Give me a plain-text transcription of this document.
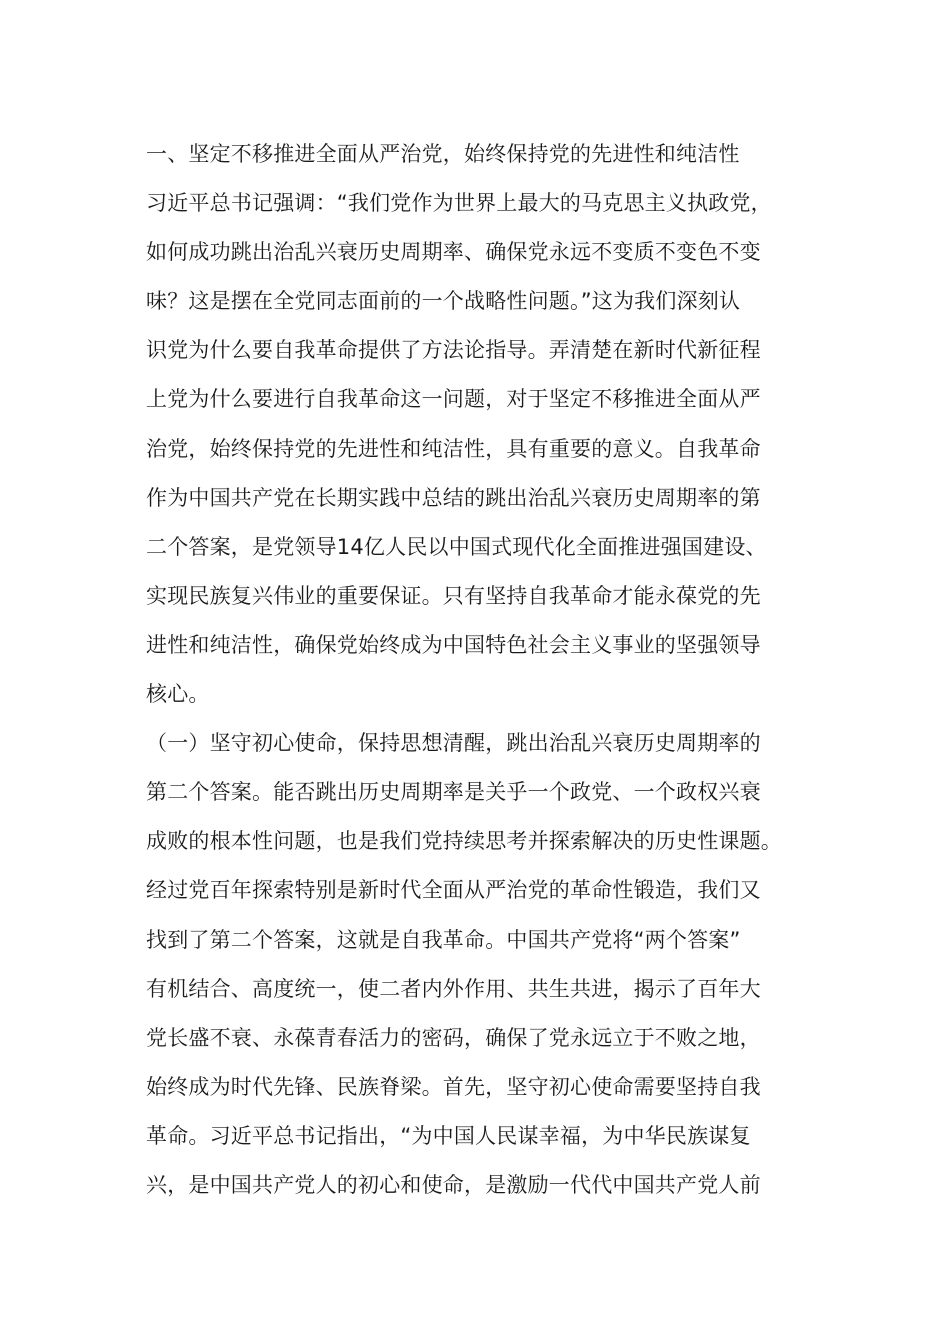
一、坚定不移推进全面从严治党，始终保持党的先进性和纯洁性
习近平总书记强调：“我们党作为世界上最大的马克思主义执政党，
如何成功跳出治乱兴衰历史周期率、确保党永远不变质不变色不变
味？这是摆在全党同志面前的一个战略性问题。”这为我们深刻认
识党为什么要自我革命提供了方法论指导。弄清楚在新时代新征程
上党为什么要进行自我革命这一问题，对于坚定不移推进全面从严
治党，始终保持党的先进性和纯洁性，具有重要的意义。自我革命
作为中国共产党在长期实践中总结的跳出治乱兴衰历史周期率的第
二个答案，是党领导14亿人民以中国式现代化全面推进强国建设、
实现民族复兴伟业的重要保证。只有坚持自我革命才能永葆党的先
进性和纯洁性，确保党始终成为中国特色社会主义事业的坚强领导
核心。
（一）坚守初心使命，保持思想清醒，跳出治乱兴衰历史周期率的
第二个答案。能否跳出历史周期率是关乎一个政党、一个政权兴衰
成败的根本性问题，也是我们党持续思考并探索解决的历史性课题。
经过党百年探索特别是新时代全面从严治党的革命性锻造，我们又
找到了第二个答案，这就是自我革命。中国共产党将“两个答案”
有机结合、高度统一，使二者内外作用、共生共进，揭示了百年大
党长盛不衰、永葆青春活力的密码，确保了党永远立于不败之地，
始终成为时代先锋、民族脊梁。首先，坚守初心使命需要坚持自我
革命。习近平总书记指出，“为中国人民谋幸福，为中华民族谋复
兴，是中国共产党人的初心和使命，是激励一代代中国共产党人前
